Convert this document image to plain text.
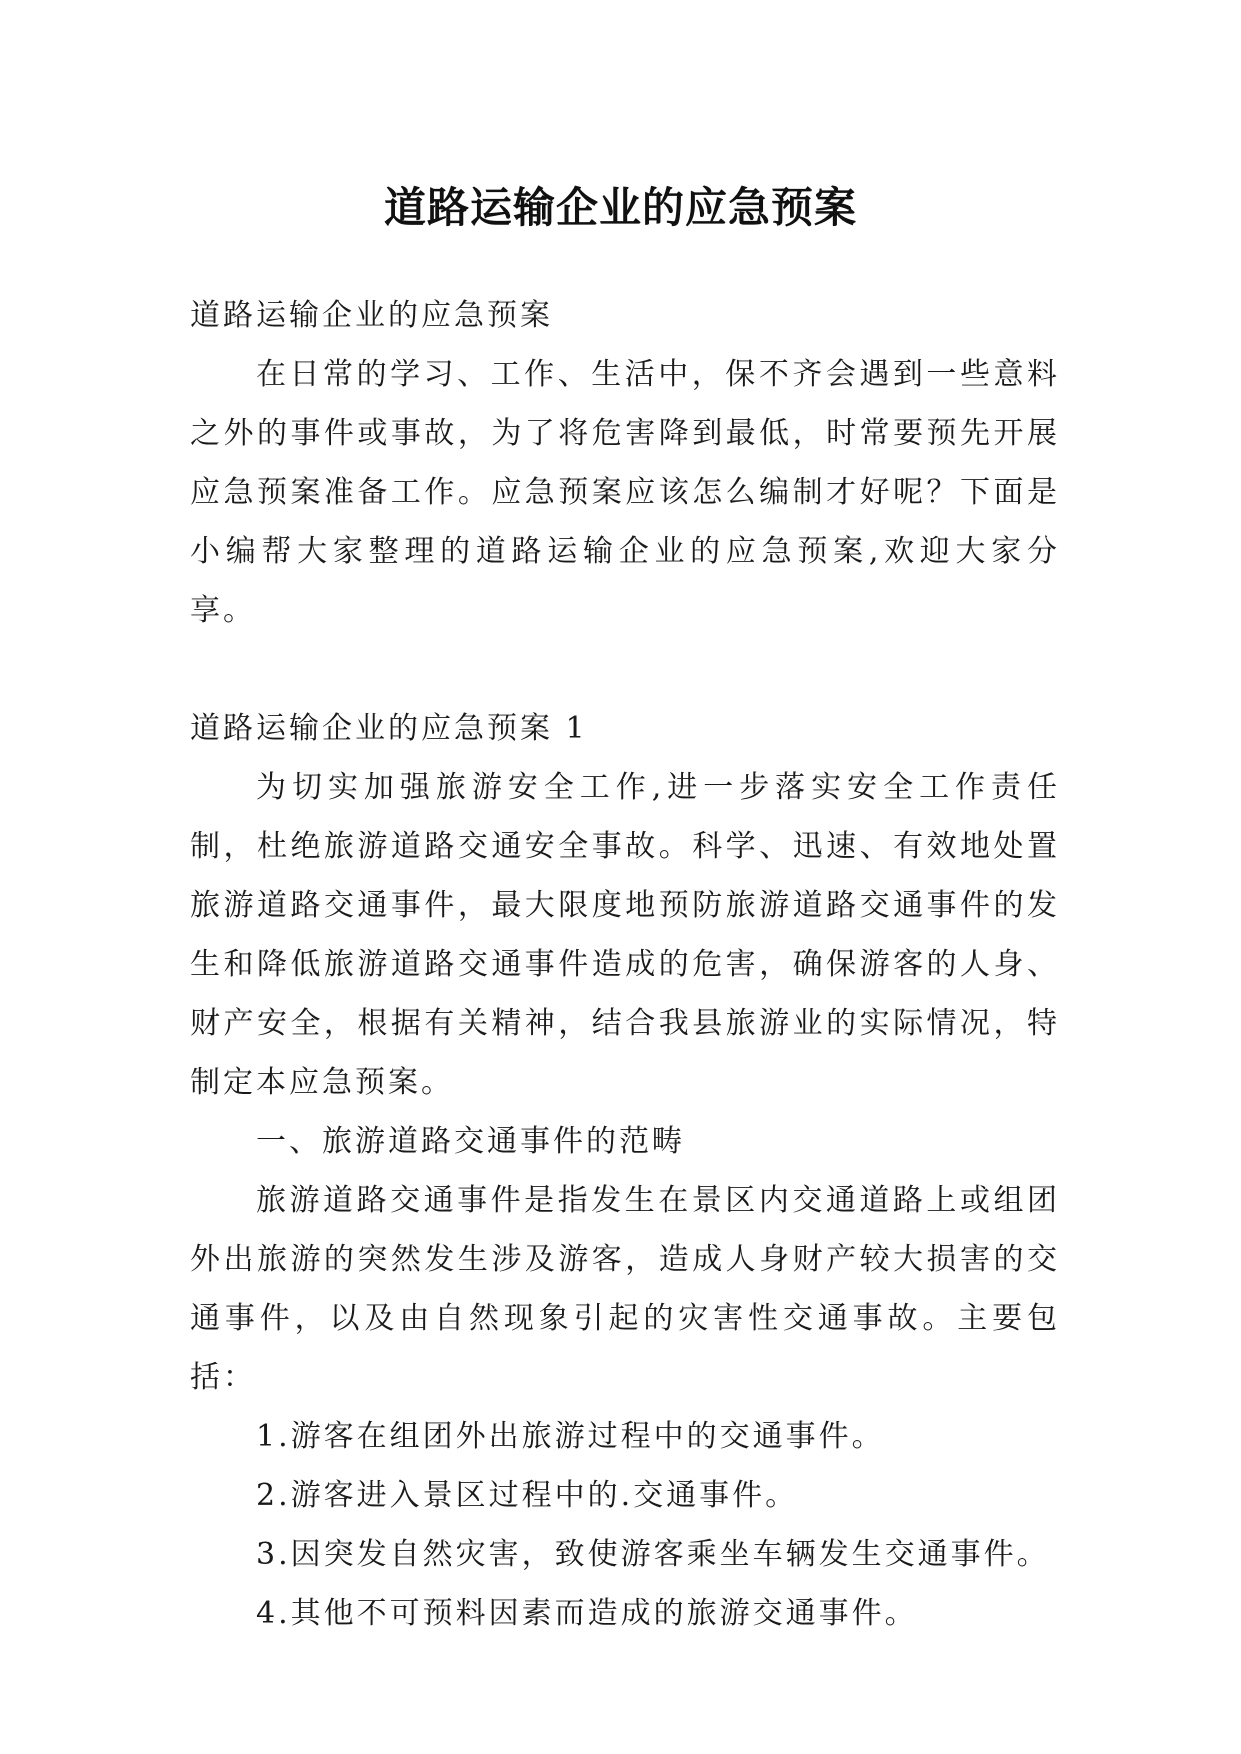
道路运输企业的应急预案

道路运输企业的应急预案

在日常的学习、工作、生活中，保不齐会遇到一些意料之外的事件或事故，为了将危害降到最低，时常要预先开展应急预案准备工作。应急预案应该怎么编制才好呢？下面是小编帮大家整理的道路运输企业的应急预案,欢迎大家分享。

道路运输企业的应急预案 1

为切实加强旅游安全工作,进一步落实安全工作责任制，杜绝旅游道路交通安全事故。科学、迅速、有效地处置旅游道路交通事件，最大限度地预防旅游道路交通事件的发生和降低旅游道路交通事件造成的危害，确保游客的人身、财产安全，根据有关精神，结合我县旅游业的实际情况，特制定本应急预案。

一、旅游道路交通事件的范畴

旅游道路交通事件是指发生在景区内交通道路上或组团外出旅游的突然发生涉及游客，造成人身财产较大损害的交通事件，以及由自然现象引起的灾害性交通事故。主要包括：

1.游客在组团外出旅游过程中的交通事件。

2.游客进入景区过程中的.交通事件。

3.因突发自然灾害，致使游客乘坐车辆发生交通事件。

4.其他不可预料因素而造成的旅游交通事件。
